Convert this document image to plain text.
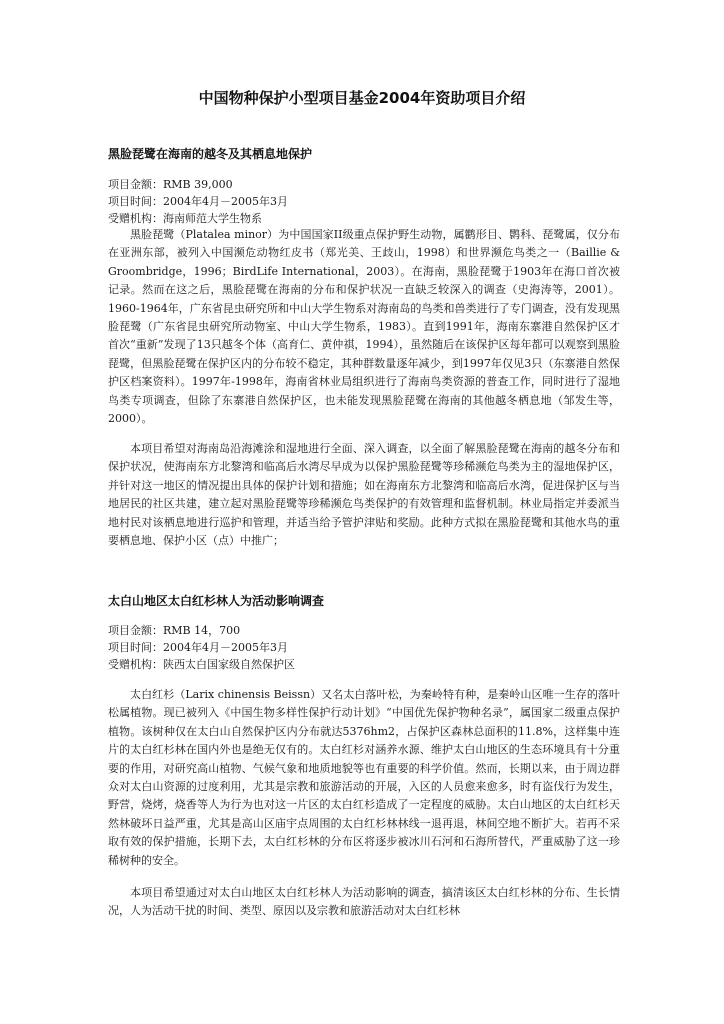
中国物种保护小型项目基金2004年资助项目介绍
黑脸琵鹭在海南的越冬及其栖息地保护
项目金额：RMB 39,000
项目时间：2004年4月－2005年3月
受赠机构：海南师范大学生物系

黑脸琵鹭（Platalea minor）为中国国家II级重点保护野生动物，属鹳形目、鹮科、琵鹭属，仅分布在亚洲东部，被列入中国濒危动物红皮书（郑光美、王歧山，1998）和世界濒危鸟类之一（Baillie & Groombridge，1996；BirdLife International，2003）。在海南，黑脸琵鹭于1903年在海口首次被记录。然而在这之后，黑脸琵鹭在海南的分布和保护状况一直缺乏较深入的调查（史海涛等，2001）。1960-1964年，广东省昆虫研究所和中山大学生物系对海南岛的鸟类和兽类进行了专门调查，没有发现黑脸琵鹭（广东省昆虫研究所动物室、中山大学生物系，1983）。直到1991年，海南东寨港自然保护区才首次“重新”发现了13只越冬个体（高育仁、黄仲祺，1994），虽然随后在该保护区每年都可以观察到黑脸琵鹭，但黑脸琵鹭在保护区内的分布较不稳定，其种群数量逐年减少，到1997年仅见3只（东寨港自然保护区档案资料）。1997年-1998年，海南省林业局组织进行了海南鸟类资源的普查工作，同时进行了湿地鸟类专项调查，但除了东寨港自然保护区，也未能发现黑脸琵鹭在海南的其他越冬栖息地（邹发生等，2000）。

本项目希望对海南岛沿海滩涂和湿地进行全面、深入调查，以全面了解黑脸琵鹭在海南的越冬分布和保护状况，使海南东方北黎湾和临高后水湾尽早成为以保护黑脸琵鹭等珍稀濒危鸟类为主的湿地保护区，并针对这一地区的情况提出具体的保护计划和措施；如在海南东方北黎湾和临高后水湾，促进保护区与当地居民的社区共建，建立起对黑脸琵鹭等珍稀濒危鸟类保护的有效管理和监督机制。林业局指定并委派当地村民对该栖息地进行巡护和管理，并适当给予管护津贴和奖励。此种方式拟在黑脸琵鹭和其他水鸟的重要栖息地、保护小区（点）中推广；

太白山地区太白红杉林人为活动影响调查
项目金额：RMB 14，700
项目时间：2004年4月－2005年3月
受赠机构：陕西太白国家级自然保护区

太白红杉（Larix chinensis Beissn）又名太白落叶松，为秦岭特有种，是秦岭山区唯一生存的落叶松属植物。现已被列入《中国生物多样性保护行动计划》“中国优先保护物种名录”，属国家二级重点保护植物。该树种仅在太白山自然保护区内分布就达5376hm2，占保护区森林总面积的11.8%，这样集中连片的太白红杉林在国内外也是绝无仅有的。太白红杉对涵养水源、维护太白山地区的生态环境具有十分重要的作用，对研究高山植物、气候气象和地质地貌等也有重要的科学价值。然而，长期以来，由于周边群众对太白山资源的过度利用，尤其是宗教和旅游活动的开展，入区的人员愈来愈多，时有盗伐行为发生，野营，烧烤，烧香等人为行为也对这一片区的太白红杉造成了一定程度的威胁。太白山地区的太白红杉天然林破坏日益严重，尤其是高山区庙宇点周围的太白红杉林林线一退再退，林间空地不断扩大。若再不采取有效的保护措施，长期下去，太白红杉林的分布区将逐步被冰川石河和石海所替代，严重威胁了这一珍稀树种的安全。

本项目希望通过对太白山地区太白红杉林人为活动影响的调查，搞清该区太白红杉林的分布、生长情况，人为活动干扰的时间、类型、原因以及宗教和旅游活动对太白红杉林
